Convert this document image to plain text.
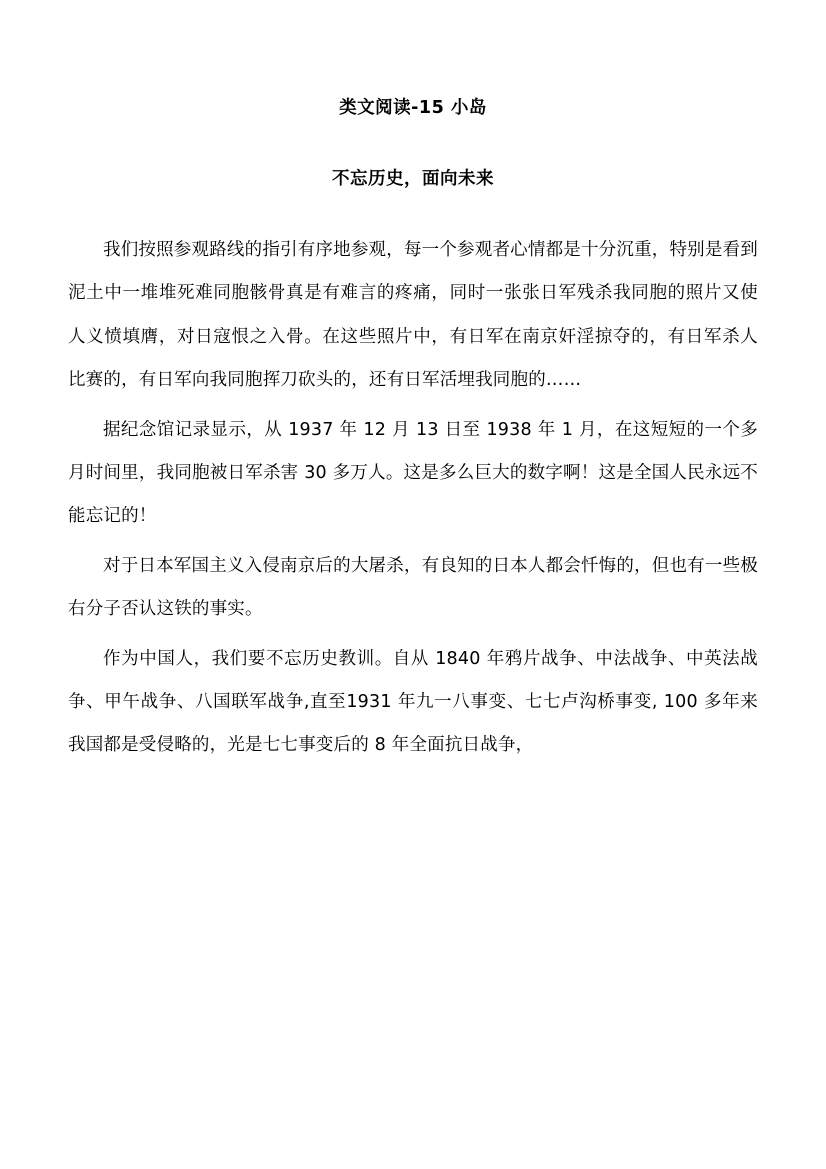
类文阅读-15 小岛
不忘历史，面向未来

我们按照参观路线的指引有序地参观，每一个参观者心情都是十分沉重，特别是看到泥土中一堆堆死难同胞骸骨真是有难言的疼痛，同时一张张日军残杀我同胞的照片又使人义愤填膺，对日寇恨之入骨。在这些照片中，有日军在南京奸淫掠夺的，有日军杀人比赛的，有日军向我同胞挥刀砍头的，还有日军活埋我同胞的……

据纪念馆记录显示，从 1937 年 12 月 13 日至 1938 年 1 月，在这短短的一个多月时间里，我同胞被日军杀害 30 多万人。这是多么巨大的数字啊！这是全国人民永远不能忘记的！

对于日本军国主义入侵南京后的大屠杀，有良知的日本人都会忏悔的，但也有一些极右分子否认这铁的事实。

作为中国人，我们要不忘历史教训。自从 1840 年鸦片战争、中法战争、中英法战争、甲午战争、八国联军战争,直至1931 年九一八事变、七七卢沟桥事变, 100 多年来我国都是受侵略的，光是七七事变后的 8 年全面抗日战争，
